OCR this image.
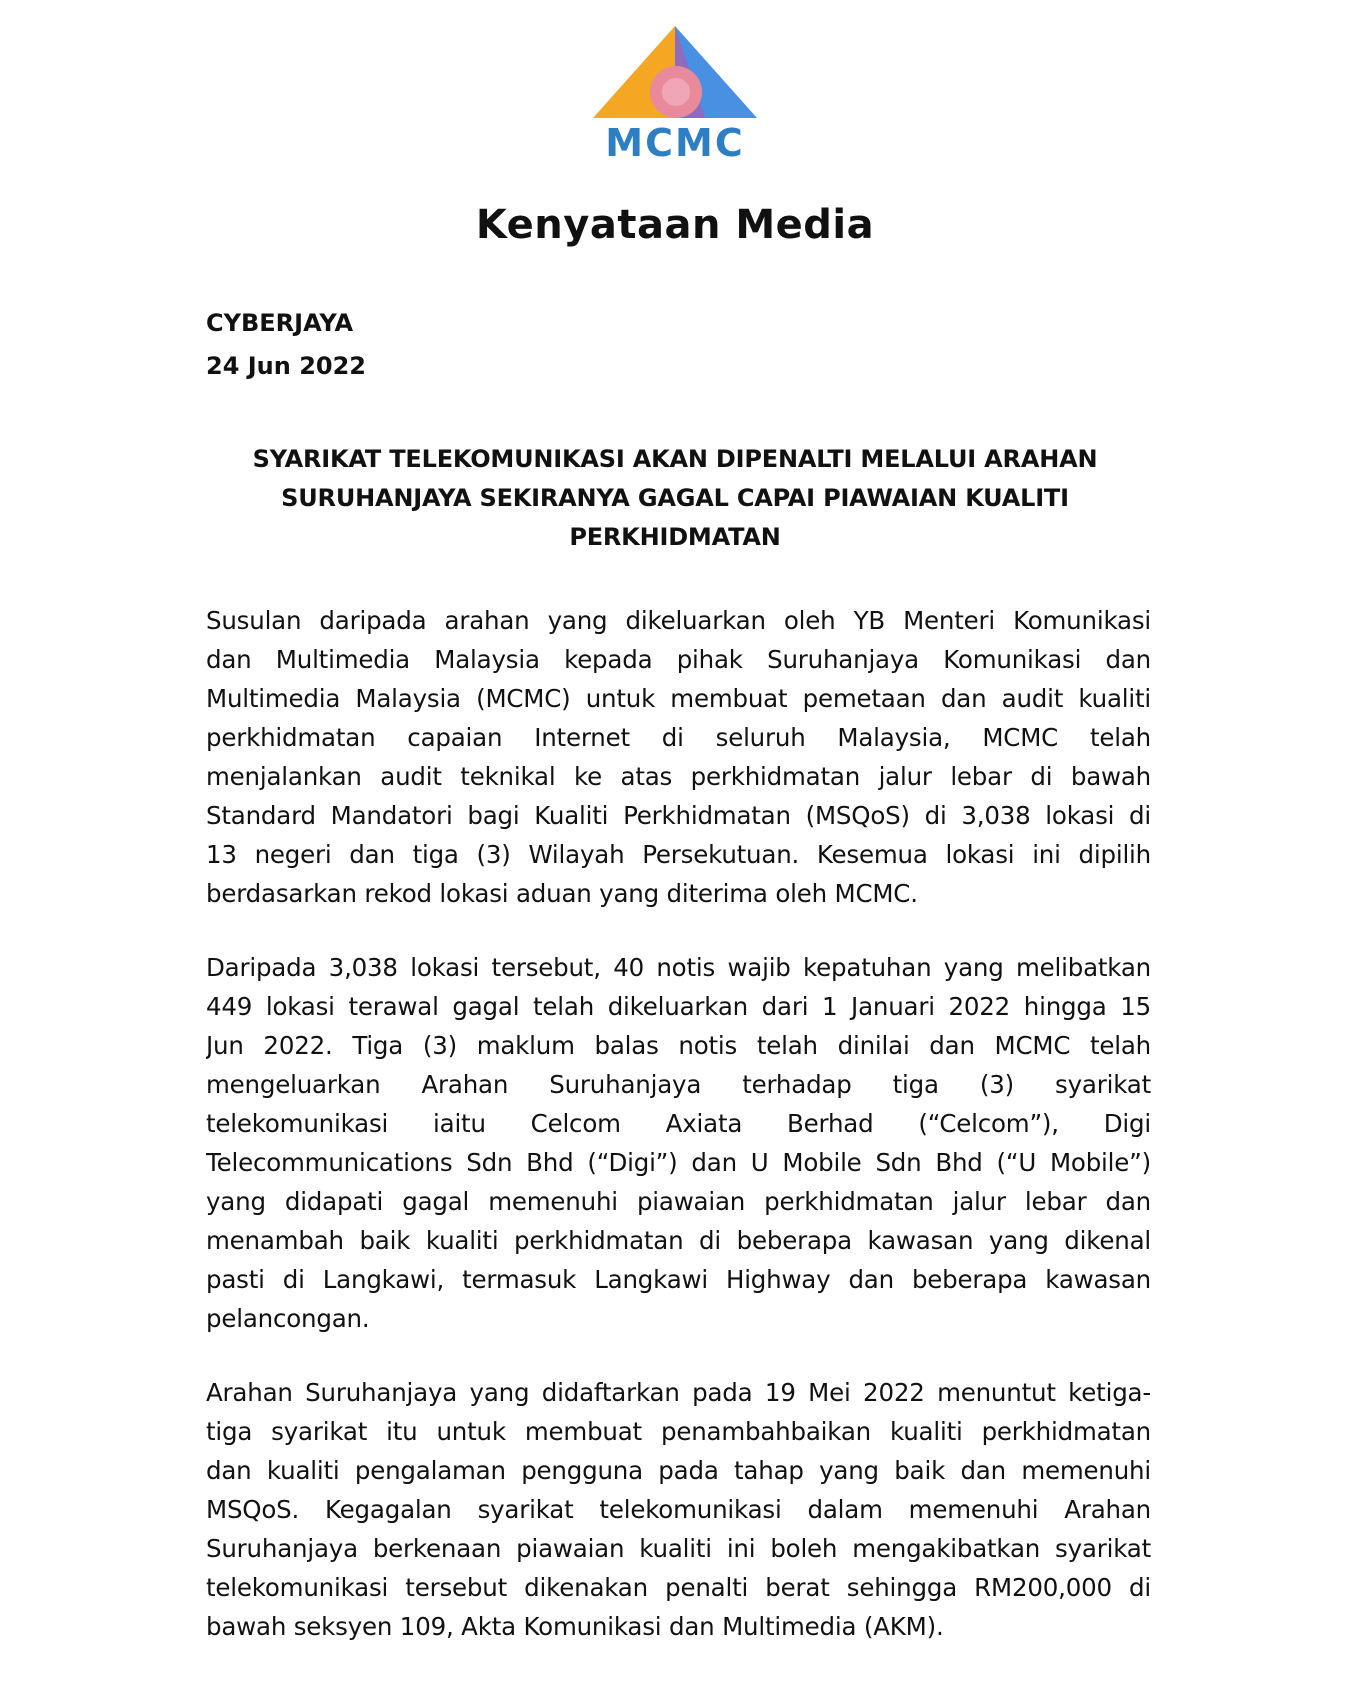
MCMC
Kenyataan Media
CYBERJAYA
24 Jun 2022
SYARIKAT TELEKOMUNIKASI AKAN DIPENALTI MELALUI ARAHAN
SURUHANJAYA SEKIRANYA GAGAL CAPAI PIAWAIAN KUALITI
PERKHIDMATAN
Susulan daripada arahan yang dikeluarkan oleh YB Menteri Komunikasi
dan Multimedia Malaysia kepada pihak Suruhanjaya Komunikasi dan
Multimedia Malaysia (MCMC) untuk membuat pemetaan dan audit kualiti
perkhidmatan capaian Internet di seluruh Malaysia, MCMC telah
menjalankan audit teknikal ke atas perkhidmatan jalur lebar di bawah
Standard Mandatori bagi Kualiti Perkhidmatan (MSQoS) di 3,038 lokasi di
13 negeri dan tiga (3) Wilayah Persekutuan. Kesemua lokasi ini dipilih
berdasarkan rekod lokasi aduan yang diterima oleh MCMC.
Daripada 3,038 lokasi tersebut, 40 notis wajib kepatuhan yang melibatkan
449 lokasi terawal gagal telah dikeluarkan dari 1 Januari 2022 hingga 15
Jun 2022. Tiga (3) maklum balas notis telah dinilai dan MCMC telah
mengeluarkan Arahan Suruhanjaya terhadap tiga (3) syarikat
telekomunikasi iaitu Celcom Axiata Berhad (“Celcom”), Digi
Telecommunications Sdn Bhd (“Digi”) dan U Mobile Sdn Bhd (“U Mobile”)
yang didapati gagal memenuhi piawaian perkhidmatan jalur lebar dan
menambah baik kualiti perkhidmatan di beberapa kawasan yang dikenal
pasti di Langkawi, termasuk Langkawi Highway dan beberapa kawasan
pelancongan.
Arahan Suruhanjaya yang didaftarkan pada 19 Mei 2022 menuntut ketiga-
tiga syarikat itu untuk membuat penambahbaikan kualiti perkhidmatan
dan kualiti pengalaman pengguna pada tahap yang baik dan memenuhi
MSQoS. Kegagalan syarikat telekomunikasi dalam memenuhi Arahan
Suruhanjaya berkenaan piawaian kualiti ini boleh mengakibatkan syarikat
telekomunikasi tersebut dikenakan penalti berat sehingga RM200,000 di
bawah seksyen 109, Akta Komunikasi dan Multimedia (AKM).
